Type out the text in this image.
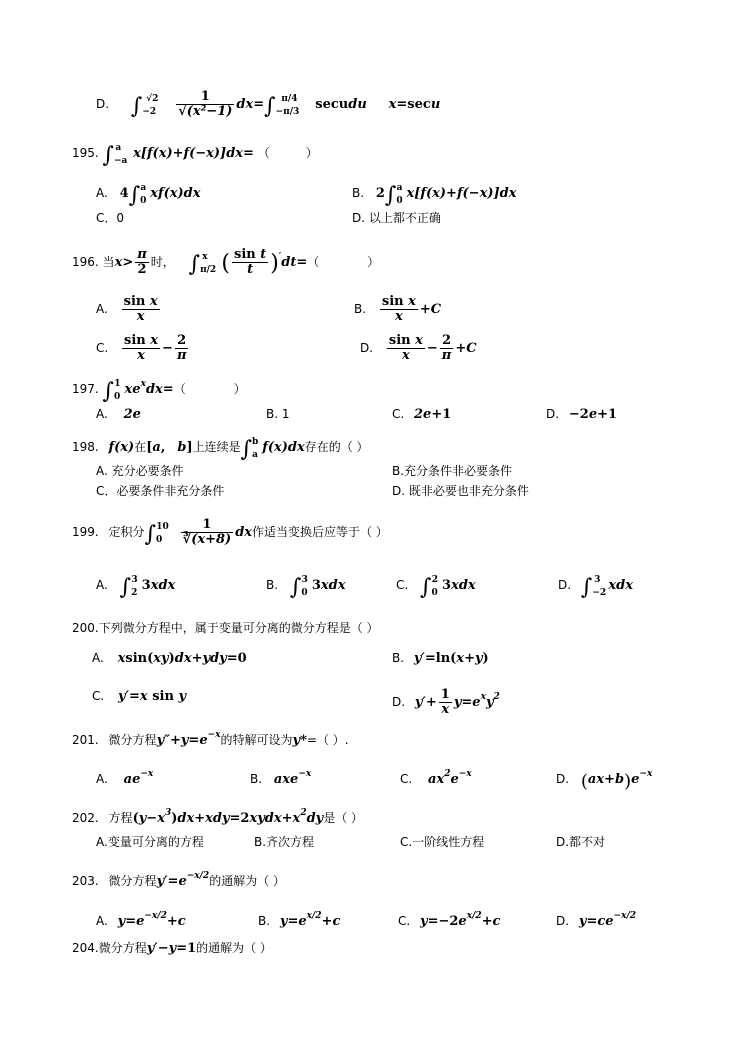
D. $\int_{-2}^{√2} \frac{1}{\text{√(x²−1)}} dx=\int_{-\pi/3}^{\pi/4}$ secudu x=secu
195. $\int_{-a}^a$ x[f(x)+f(−x)]dx= （　　　）
A. $4\int_0^a$ xf(x)dx	B. $2\int_0^a$ x[f(x)+f(−x)]dx
C．0	D. 以上都不正确
196. 当$x> \frac{\pi}{2}$ 时， $\int_{\pi/2}^x$ ( $\frac{\text{sin t}}{t} )'dt=$（　　　　）
A. $\frac{\text{sin x}}{x}$	B. $\frac{\text{sin x}}{x} +C$
C. $\frac{\text{sin x}}{x} - \frac{2}{\pi}$	D. $\frac{\text{sin x}}{x} - \frac{2}{\pi} +C$
197. $\int_0^1$ $xe^xdx=$（　　　　）
A. 2e	B. 1	C. 2e+1	D. −2e+1
198. f(x)在[a,　 b]上连续是$\int_a^b$ f(x)dx存在的（ ）
A. 充分必要条件	B.充分条件非必要条件
C．必要条件非充分条件	D. 既非必要也非充分条件
199. 定积分$\int_0^{10} \frac{1}{∛(x+8)}$ dx作适当变换后应等于（ ）
A. $\int_2^3$ 3xdx	B. $\int_0^3$ 3xdx	C. $\int_0^2$ 3xdx	D. $\int_{-2}^3$ xdx
200.下列微分方程中，属于变量可分离的微分方程是（ ）
A. xsin(xy)dx+ydy=0	B. y′=ln(x+y)
C. y′=x sin y	D. $y'+ \frac{1}{x} y=e^xy^2$
201. 微分方程$y''+y=e^{-x}$的特解可设为y*=（ ）.
A. $ae^{-x}$	B. axe$^{-x}$	C. $ax^2e^{-x}$	D. $(ax+b)e^{-x}$
202. 方程$(y-x^3)dx+xdy=2xydx+x^2dy$是（ ）
A.变量可分离的方程	B.齐次方程	C.一阶线性方程	D.都不对
203. 微分方程$y'=e^{-x/2}$的通解为（ ）
A. $y=e^{-x/2}+c$	B. $y=e^{x/2}+c$	C. $y=-2e^{x/2}+c$	D. $y=ce^{-x/2}$
204.微分方程y′−y=1的通解为（ ）
